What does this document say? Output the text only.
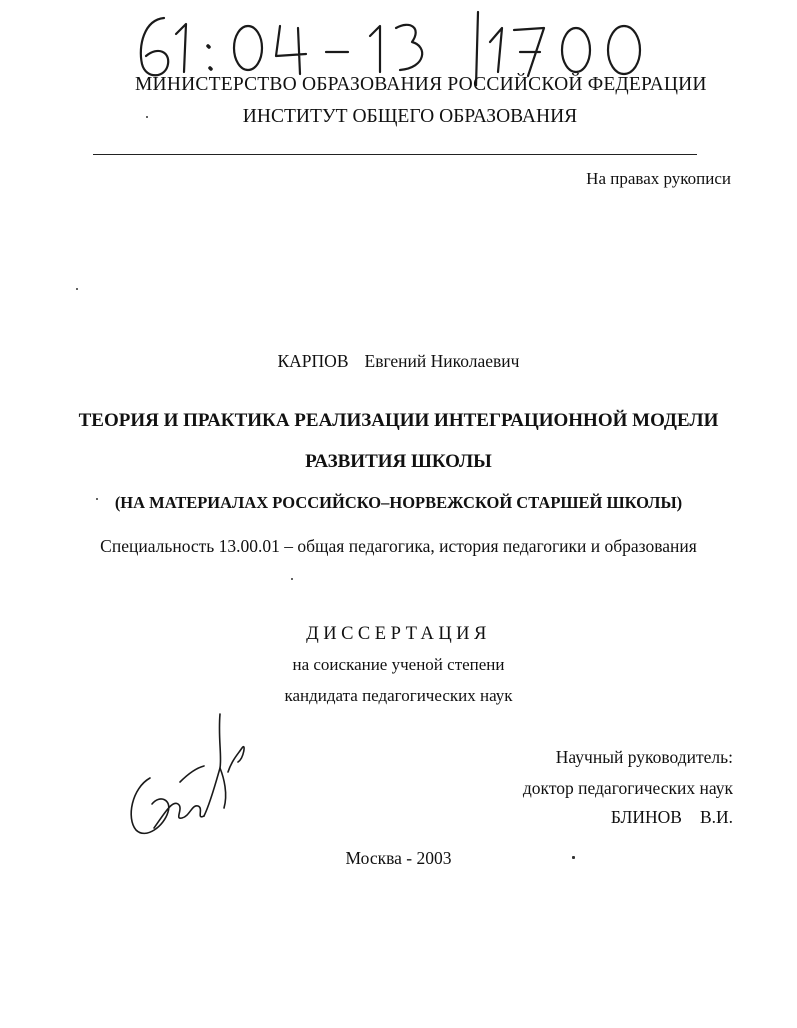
МИНИСТЕРСТВО ОБРАЗОВАНИЯ РОССИЙСКОЙ ФЕДЕРАЦИИ
ИНСТИТУТ ОБЩЕГО ОБРАЗОВАНИЯ
На правах рукописи
КАРПОВ Евгений Николаевич
ТЕОРИЯ И ПРАКТИКА РЕАЛИЗАЦИИ ИНТЕГРАЦИОННОЙ МОДЕЛИ
РАЗВИТИЯ ШКОЛЫ
(НА МАТЕРИАЛАХ РОССИЙСКО–НОРВЕЖСКОЙ СТАРШЕЙ ШКОЛЫ)
Специальность 13.00.01 – общая педагогика, история педагогики и образования
ДИССЕРТАЦИЯ
на соискание ученой степени
кандидата педагогических наук
Научный руководитель:
доктор педагогических наук
БЛИНОВ В.И.
Москва - 2003
